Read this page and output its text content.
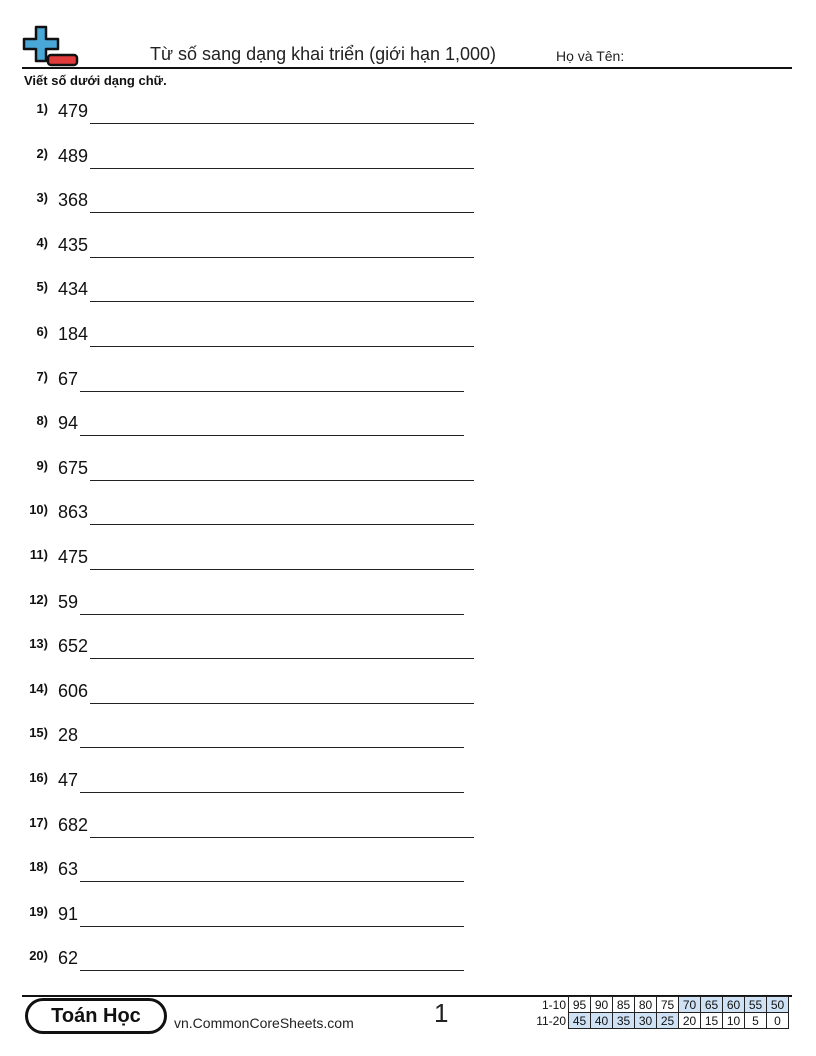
Từ số sang dạng khai triển (giới hạn 1,000)	Họ và Tên:
Viết số dưới dạng chữ.
1) 479
2) 489
3) 368
4) 435
5) 434
6) 184
7) 67
8) 94
9) 675
10) 863
11) 475
12) 59
13) 652
14) 606
15) 28
16) 47
17) 682
18) 63
19) 91
20) 62
Toán Học	vn.CommonCoreSheets.com	1	1-10	95	90	85	80	75	70	65	60	55	50
11-20	45	40	35	30	25	20	15	10	5	0
